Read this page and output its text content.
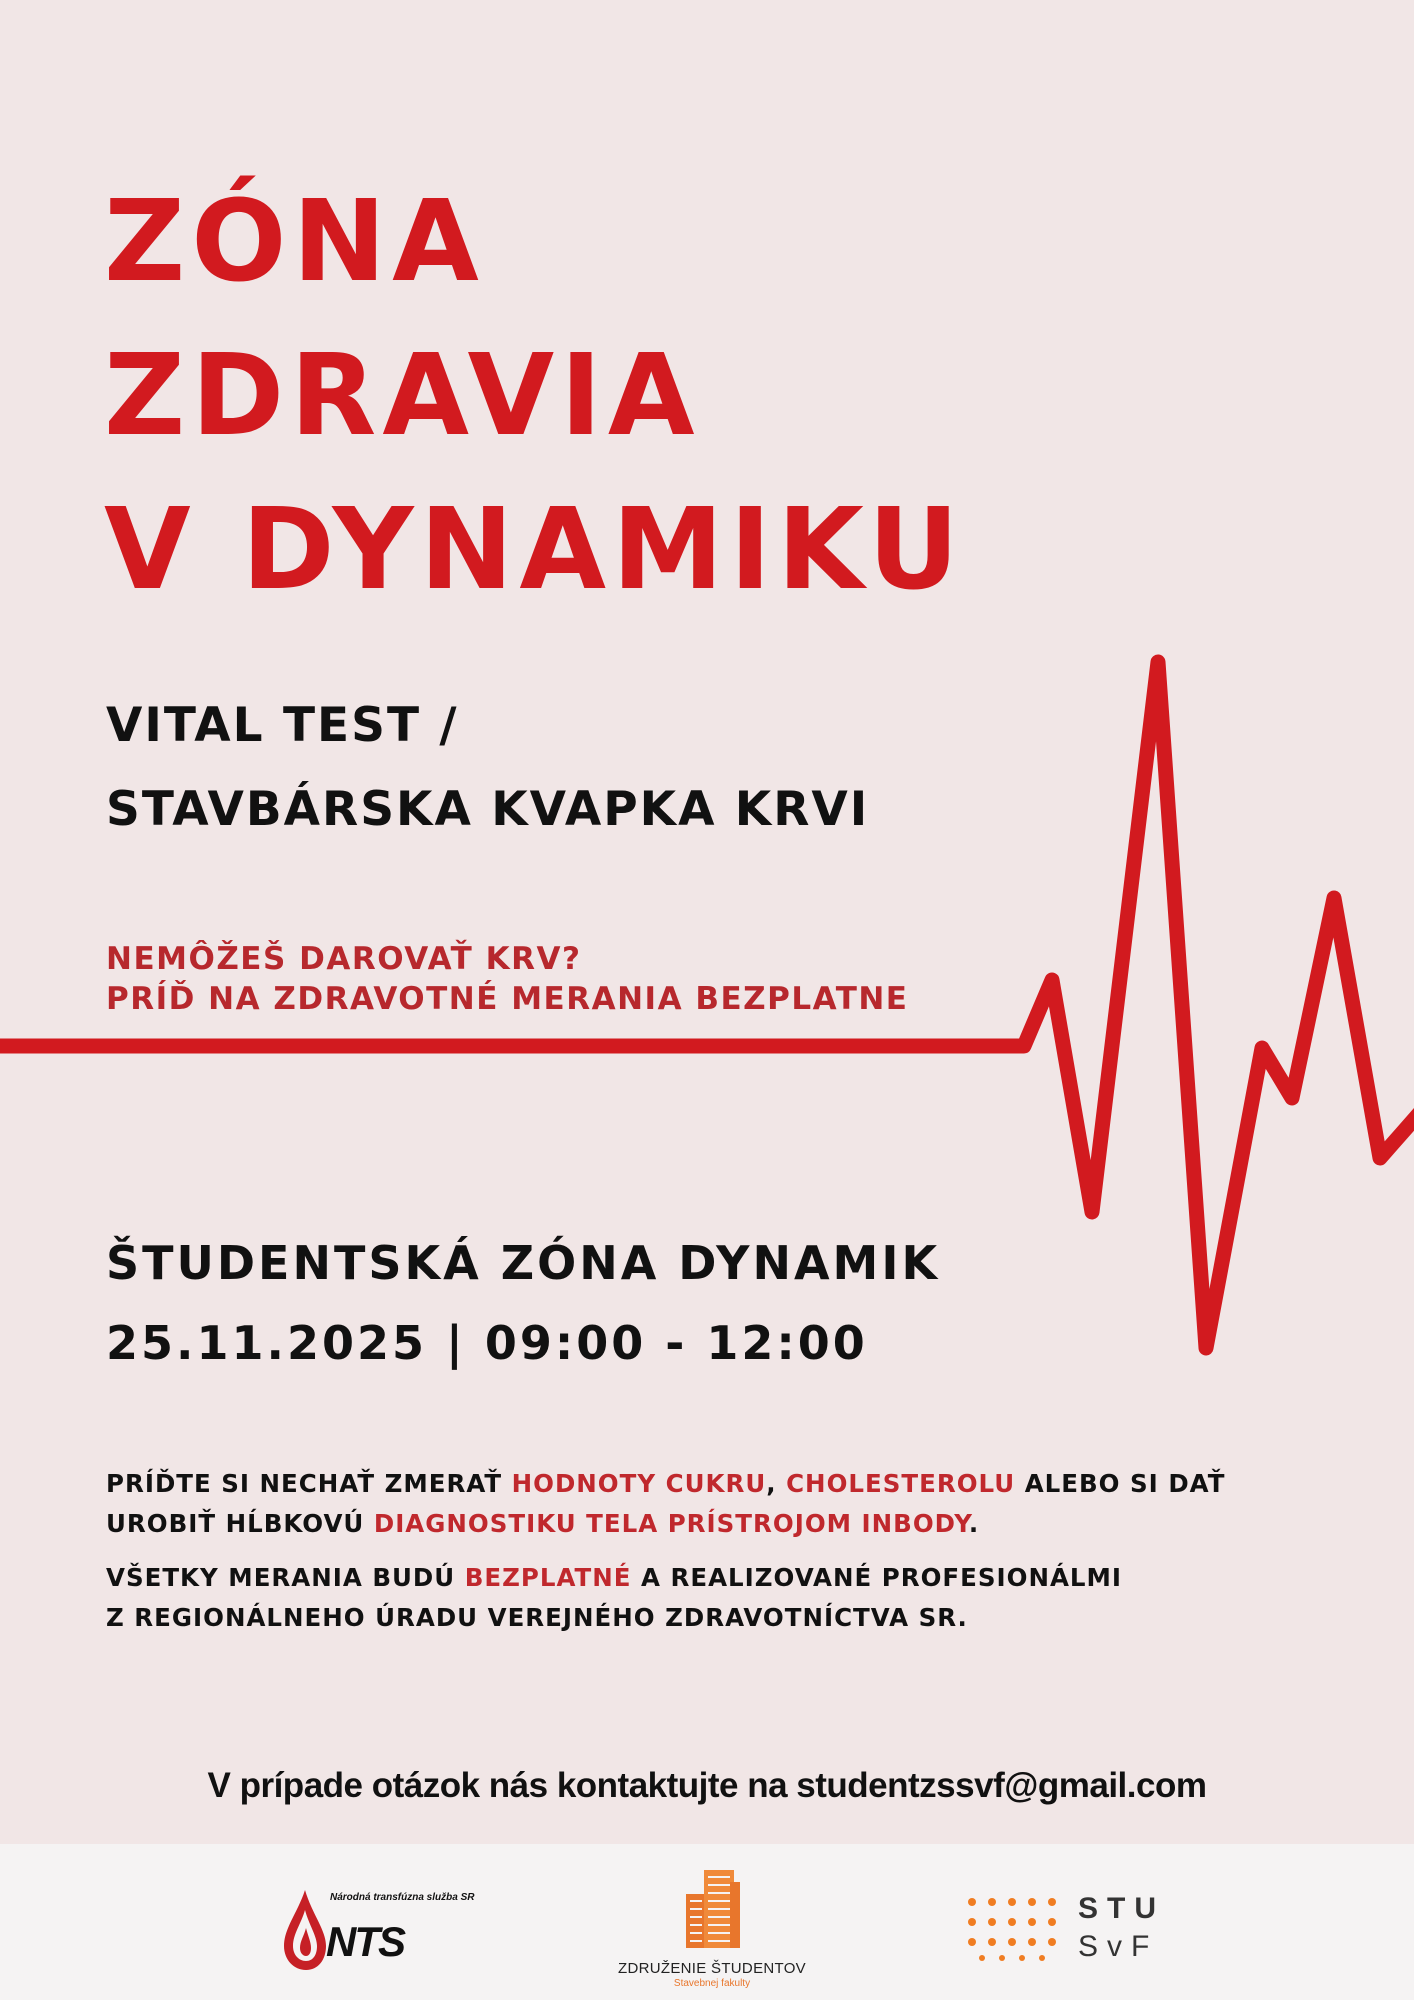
ZÓNA
ZDRAVIA
V DYNAMIKU
VITAL TEST /
STAVBÁRSKA KVAPKA KRVI
NEMÔŽEŠ DAROVAŤ KRV?
PRÍĎ NA ZDRAVOTNÉ MERANIA BEZPLATNE
ŠTUDENTSKÁ ZÓNA DYNAMIK
25.11.2025 | 09:00 - 12:00
PRÍĎTE SI NECHAŤ ZMERAŤ HODNOTY CUKRU, CHOLESTEROLU ALEBO SI DAŤ
UROBIŤ HĹBKOVÚ DIAGNOSTIKU TELA PRÍSTROJOM INBODY.
VŠETKY MERANIA BUDÚ BEZPLATNÉ A REALIZOVANÉ PROFESIONÁLMI
Z REGIONÁLNEHO ÚRADU VEREJNÉHO ZDRAVOTNÍCTVA SR.
V prípade otázok nás kontaktujte na studentzssvf@gmail.com
Národná transfúzna služba SR
NTS
ZDRUŽENIE ŠTUDENTOV
Stavebnej fakulty
STU
SvF
